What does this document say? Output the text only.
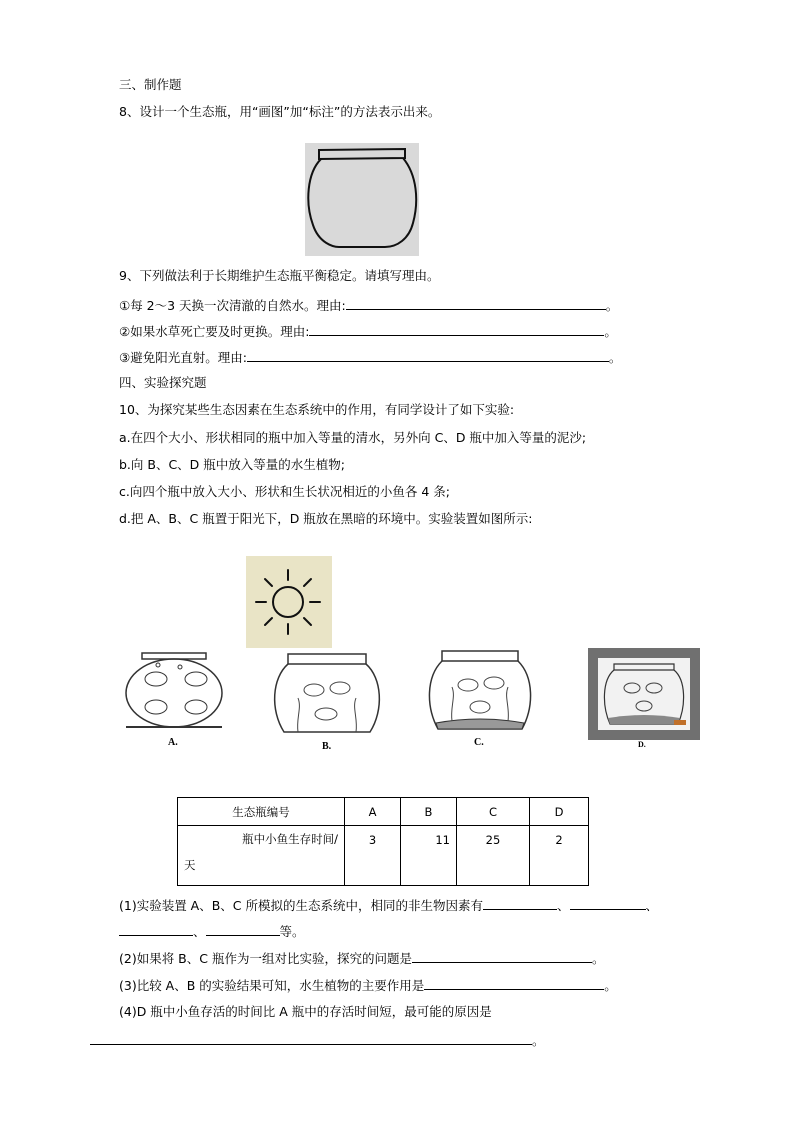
三、制作题
8、设计一个生态瓶，用“画图”加“标注”的方法表示出来。
9、下列做法利于长期维护生态瓶平衡稳定。请填写理由。
①每 2～3 天换一次清澈的自然水。理由:	。
②如果水草死亡要及时更换。理由:	。
③避免阳光直射。理由:	。
四、实验探究题
10、为探究某些生态因素在生态系统中的作用，有同学设计了如下实验:
a.在四个大小、形状相同的瓶中加入等量的清水，另外向 C、D 瓶中加入等量的泥沙;
b.向 B、C、D 瓶中放入等量的水生植物;
c.向四个瓶中放入大小、形状和生长状况相近的小鱼各 4 条;
d.把 A、B、C 瓶置于阳光下，D 瓶放在黑暗的环境中。实验装置如图所示:
A.	B.	C.	D.
生态瓶编号	A	B	C	D

瓶中小鱼生存时间/
天	3	11	25	2
(1)实验装置 A、B、C 所模拟的生态系统中，相同的非生物因素有	、	、
、	等。
(2)如果将 B、C 瓶作为一组对比实验，探究的问题是	。
(3)比较 A、B 的实验结果可知，水生植物的主要作用是	。
(4)D 瓶中小鱼存活的时间比 A 瓶中的存活时间短，最可能的原因是
。
